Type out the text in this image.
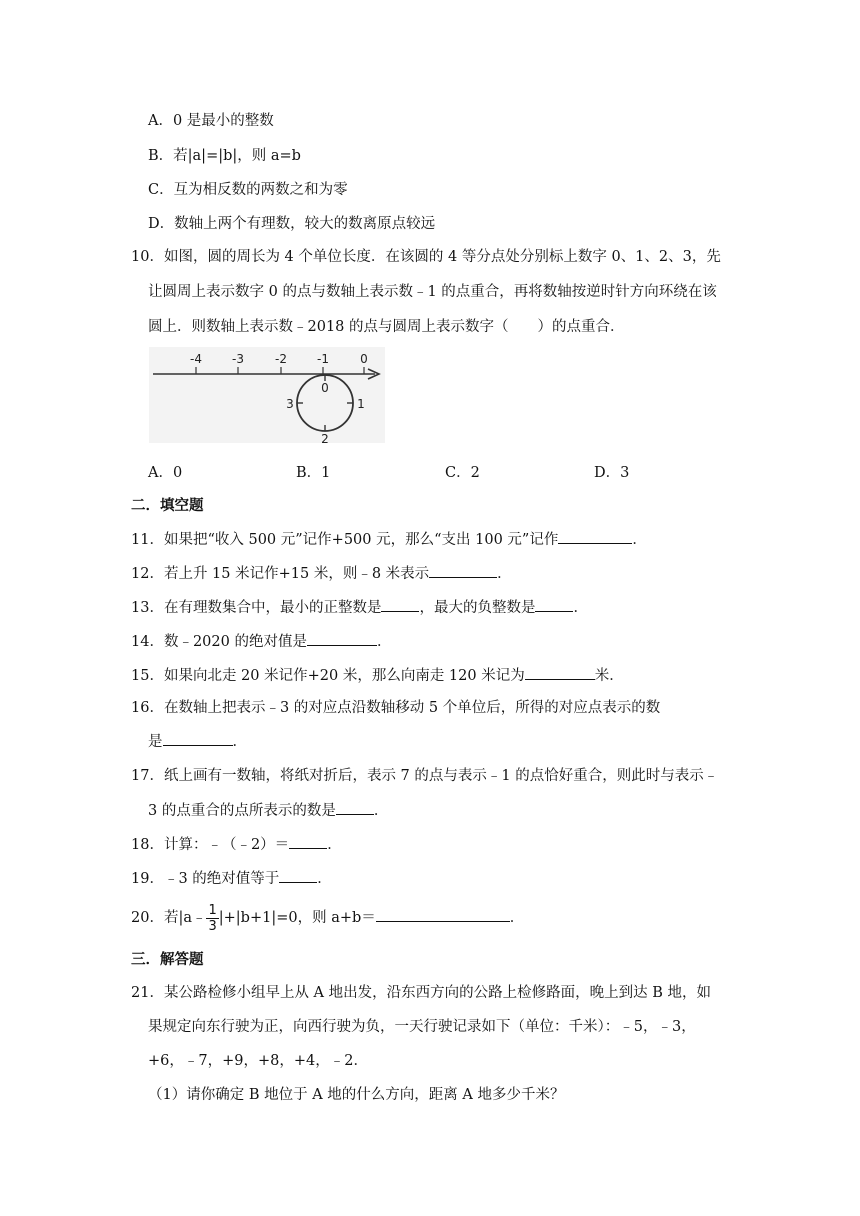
A．0 是最小的整数
B．若|a|=|b|，则 a=b
C．互为相反数的两数之和为零
D．数轴上两个有理数，较大的数离原点较远
10．如图，圆的周长为 4 个单位长度．在该圆的 4 等分点处分别标上数字 0、1、2、3，先
让圆周上表示数字 0 的点与数轴上表示数﹣1 的点重合，再将数轴按逆时针方向环绕在该
圆上．则数轴上表示数﹣2018 的点与圆周上表示数字（　　）的点重合．
-4	-3	-2	-1	0
0
1
2
3
A．0	B．1	C．2	D．3
二．填空题
11．如果把“收入 500 元”记作+500 元，那么“支出 100 元”记作	．
12．若上升 15 米记作+15 米，则﹣8 米表示	．
13．在有理数集合中，最小的正整数是	，最大的负整数是	．
14．数﹣2020 的绝对值是	．
15．如果向北走 20 米记作+20 米，那么向南走 120 米记为	米．
16．在数轴上把表示﹣3 的对应点沿数轴移动 5 个单位后，所得的对应点表示的数
是	．
17．纸上画有一数轴，将纸对折后，表示 7 的点与表示﹣1 的点恰好重合，则此时与表示﹣
3 的点重合的点所表示的数是	．
18．计算：﹣（﹣2）＝	．
19．﹣3 的绝对值等于	．
20．若|a﹣ $\frac{1}{3} |+|b+1|=0$，则 a+b＝	．
三．解答题
21．某公路检修小组早上从 A 地出发，沿东西方向的公路上检修路面，晚上到达 B 地，如
果规定向东行驶为正，向西行驶为负，一天行驶记录如下（单位：千米）：﹣5，﹣3，
+6，﹣7，+9，+8，+4，﹣2．
（1）请你确定 B 地位于 A 地的什么方向，距离 A 地多少千米？
